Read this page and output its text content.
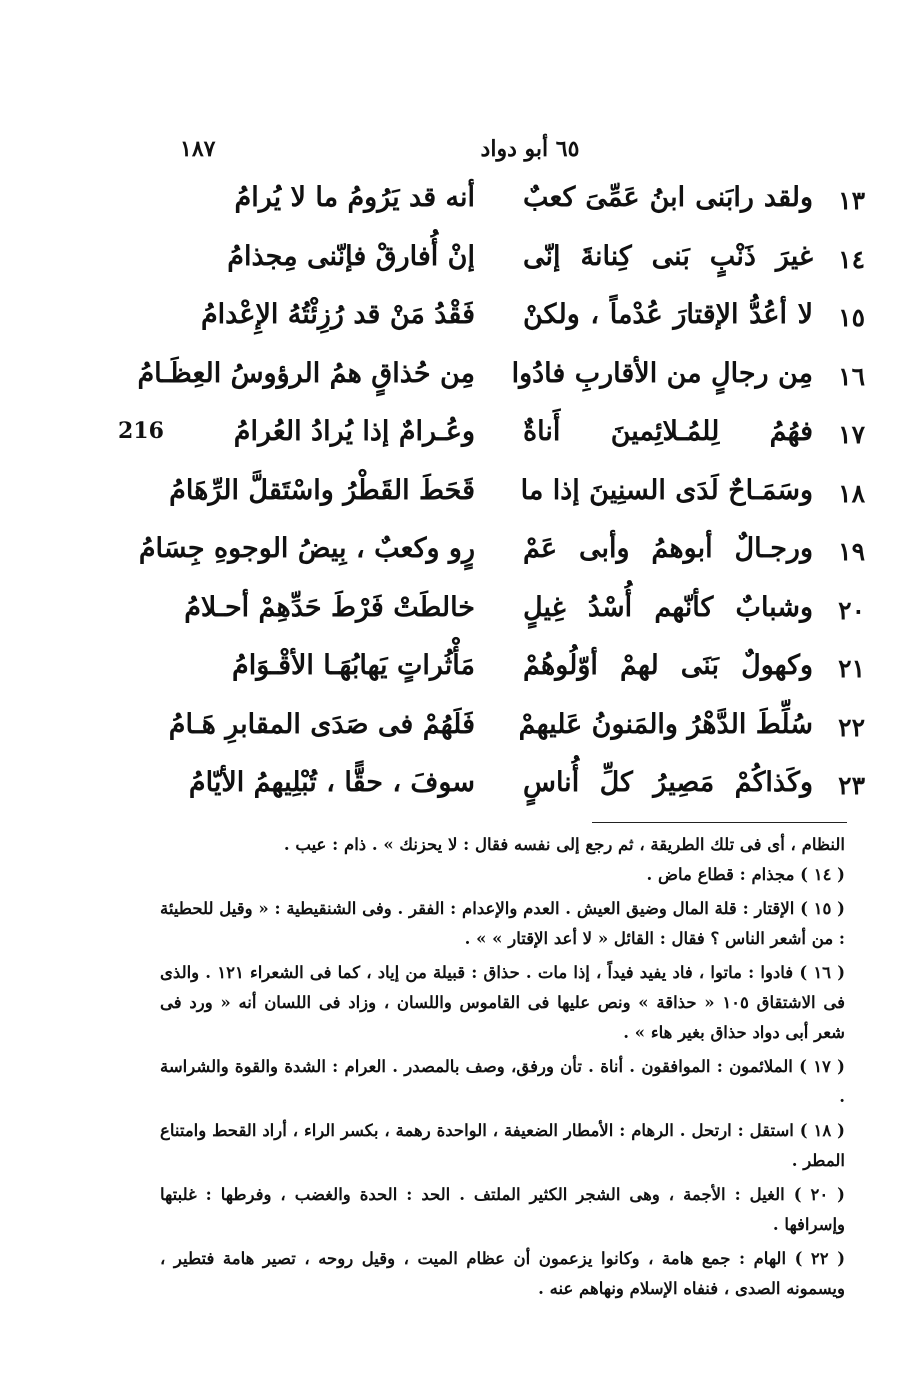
١٨٧	٦٥ أبو دواد
216
١٣
ولقد رابَنى ابنُ عَمِّىَ كعبٌ
أنه قد يَرُومُ ما لا يُرامُ
١٤
غيرَ ذَنْبٍ بَنى كِنانةَ إنّى
إنْ أُفارقْ فإنّنى مِجذامُ
١٥
لا أعُدُّ الإقتارَ عُدْماً ، ولكنْ
فَقْدُ مَنْ قد رُزِئْتُهُ الإِعْدامُ
١٦
مِن رجالٍ من الأقاربِ فادُوا
مِن حُذاقٍ همُ الرؤوسُ العِظَـامُ
١٧
فهُمُ لِلمُـلائِمينَ أَناةٌ
وعُـرامٌ إذا يُرادُ العُرامُ
١٨
وسَمَـاحٌ لَدَى السنِينَ إذا ما
قَحَطَ القَطْرُ واسْتَقلَّ الرِّهَامُ
١٩
ورجـالٌ أبوهمُ وأبى عَمْ
رٍو وكعبٌ ، بِيضُ الوجوهِ جِسَامُ
٢٠
وشبابٌ كأنّهم أُسْدُ غِيلٍ
خالطَتْ فَرْطَ حَدِّهِمْ أحـلامُ
٢١
وكهولٌ بَنَى لهمْ أوّلُوهُمْ
مَأْثُراتٍ يَهابُهَـا الأقْـوَامُ
٢٢
سُلِّطَ الدَّهْرُ والمَنونُ عَليهمْ
فَلَهُمْ فى صَدَى المقابرِ هَـامُ
٢٣
وكَذاكُمْ مَصِيرُ كلِّ أُناسٍ
سوفَ ، حقًّا ، تُبْلِيهمُ الأيّامُ
النظام ، أى فى تلك الطريقة ، ثم رجع إلى نفسه فقال : لا يحزنك » . ذام : عيب .
( ١٤ ) مجذام : قطاع ماض .
( ١٥ ) الإقتار : قلة المال وضيق العيش . العدم والإعدام : الفقر . وفى الشنقيطية : « وقيل للحطيئة : من أشعر الناس ؟ فقال : القائل « لا أعد الإقتار » » .
( ١٦ ) فادوا : ماتوا ، فاد يفيد فيداً ، إذا مات . حذاق : قبيلة من إياد ، كما فى الشعراء ١٢١ . والذى فى الاشتقاق ١٠٥ « حذاقة » ونص عليها فى القاموس واللسان ، وزاد فى اللسان أنه « ورد فى شعر أبى دواد حذاق بغير هاء » .
( ١٧ ) الملائمون : الموافقون . أناة . تأن ورفق، وصف بالمصدر . العرام : الشدة والقوة والشراسة .
( ١٨ ) استقل : ارتحل . الرهام : الأمطار الضعيفة ، الواحدة رهمة ، بكسر الراء ، أراد القحط وامتناع المطر .
( ٢٠ ) الغيل : الأجمة ، وهى الشجر الكثير الملتف . الحد : الحدة والغضب ، وفرطها : غلبتها وإسرافها .
( ٢٢ ) الهام : جمع هامة ، وكانوا يزعمون أن عظام الميت ، وقيل روحه ، تصير هامة فتطير ، ويسمونه الصدى ، فنفاه الإسلام ونهاهم عنه .
